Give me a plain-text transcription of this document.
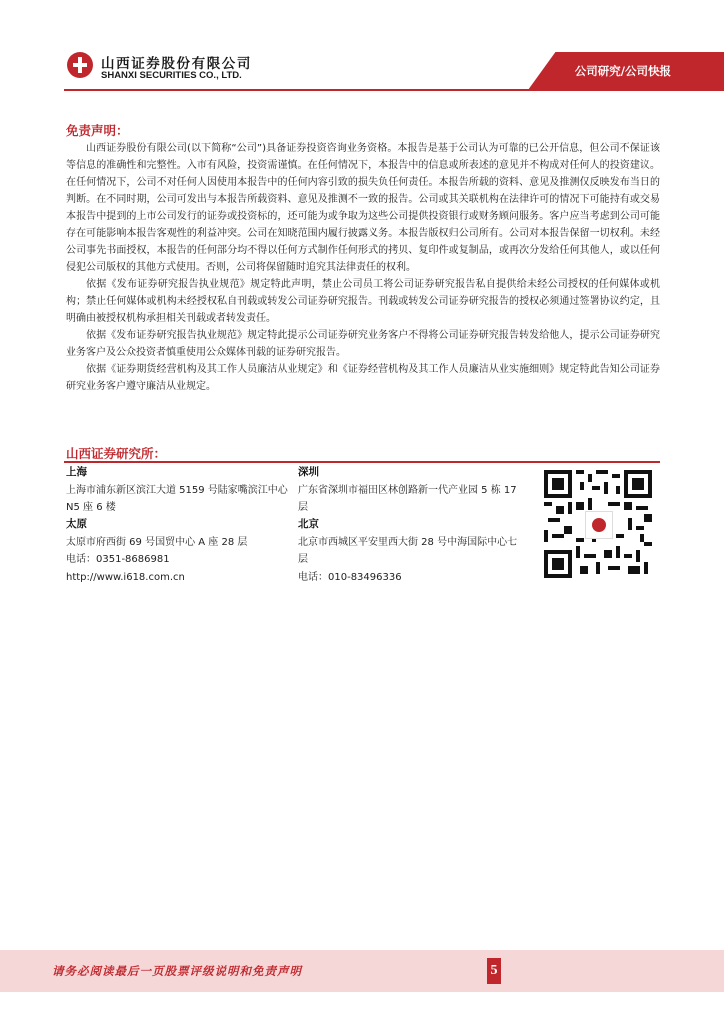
山西证券股份有限公司
SHANXI SECURITIES CO., LTD.	公司研究/公司快报
免责声明：

山西证券股份有限公司(以下简称“公司”)具备证券投资咨询业务资格。本报告是基于公司认为可靠的已公开信息，但公司不保证该等信息的准确性和完整性。入市有风险，投资需谨慎。在任何情况下，本报告中的信息或所表述的意见并不构成对任何人的投资建议。在任何情况下，公司不对任何人因使用本报告中的任何内容引致的损失负任何责任。本报告所载的资料、意见及推测仅反映发布当日的判断。在不同时期，公司可发出与本报告所载资料、意见及推测不一致的报告。公司或其关联机构在法律许可的情况下可能持有或交易本报告中提到的上市公司发行的证券或投资标的，还可能为或争取为这些公司提供投资银行或财务顾问服务。客户应当考虑到公司可能存在可能影响本报告客观性的利益冲突。公司在知晓范围内履行披露义务。本报告版权归公司所有。公司对本报告保留一切权利。未经公司事先书面授权，本报告的任何部分均不得以任何方式制作任何形式的拷贝、复印件或复制品，或再次分发给任何其他人，或以任何侵犯公司版权的其他方式使用。否则，公司将保留随时追究其法律责任的权利。

依据《发布证券研究报告执业规范》规定特此声明，禁止公司员工将公司证券研究报告私自提供给未经公司授权的任何媒体或机构；禁止任何媒体或机构未经授权私自刊载或转发公司证券研究报告。刊载或转发公司证券研究报告的授权必须通过签署协议约定，且明确由被授权机构承担相关刊载或者转发责任。

依据《发布证券研究报告执业规范》规定特此提示公司证券研究业务客户不得将公司证券研究报告转发给他人，提示公司证券研究业务客户及公众投资者慎重使用公众媒体刊载的证券研究报告。

依据《证券期货经营机构及其工作人员廉洁从业规定》和《证券经营机构及其工作人员廉洁从业实施细则》规定特此告知公司证券研究业务客户遵守廉洁从业规定。

山西证券研究所：
上海
上海市浦东新区滨江大道 5159 号陆家嘴滨江中心 N5 座 6 楼
太原
太原市府西街 69 号国贸中心 A 座 28 层
电话：0351-8686981
http://www.i618.com.cn
深圳
广东省深圳市福田区林创路新一代产业园 5 栋 17 层
北京
北京市西城区平安里西大街 28 号中海国际中心七层
电话：010-83496336
请务必阅读最后一页股票评级说明和免责声明	5
